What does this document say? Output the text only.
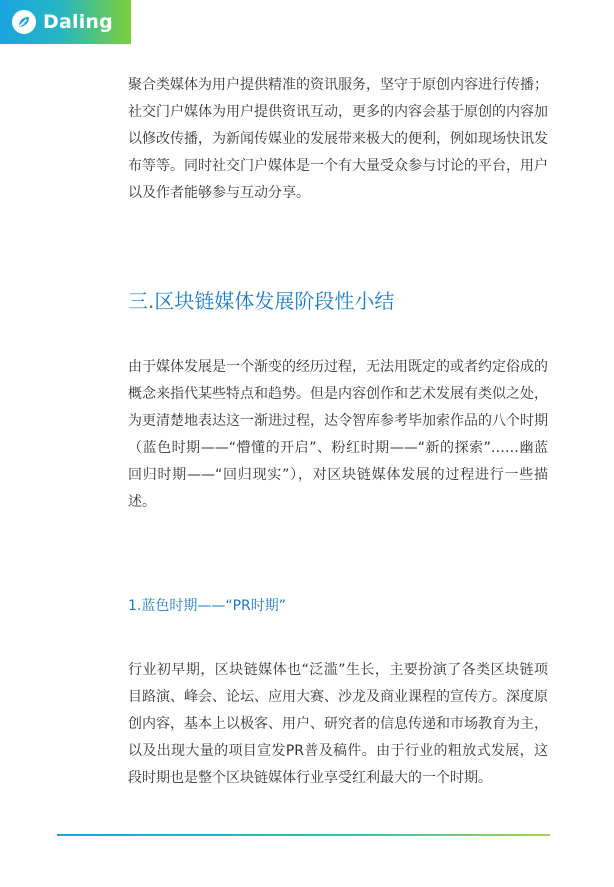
Daling

聚合类媒体为用户提供精准的资讯服务，坚守于原创内容进行传播；社交门户媒体为用户提供资讯互动，更多的内容会基于原创的内容加以修改传播，为新闻传媒业的发展带来极大的便利，例如现场快讯发布等等。同时社交门户媒体是一个有大量受众参与讨论的平台，用户以及作者能够参与互动分享。

三.区块链媒体发展阶段性小结

由于媒体发展是一个渐变的经历过程，无法用既定的或者约定俗成的概念来指代某些特点和趋势。但是内容创作和艺术发展有类似之处，为更清楚地表达这一渐进过程，达令智库参考毕加索作品的八个时期（蓝色时期——“懵懂的开启”、粉红时期——“新的探索”……幽蓝回归时期——“回归现实”），对区块链媒体发展的过程进行一些描述。

1.蓝色时期——“PR时期”

行业初早期，区块链媒体也“泛滥”生长，主要扮演了各类区块链项目路演、峰会、论坛、应用大赛、沙龙及商业课程的宣传方。深度原创内容，基本上以极客、用户、研究者的信息传递和市场教育为主，以及出现大量的项目宣发PR普及稿件。由于行业的粗放式发展，这段时期也是整个区块链媒体行业享受红利最大的一个时期。
